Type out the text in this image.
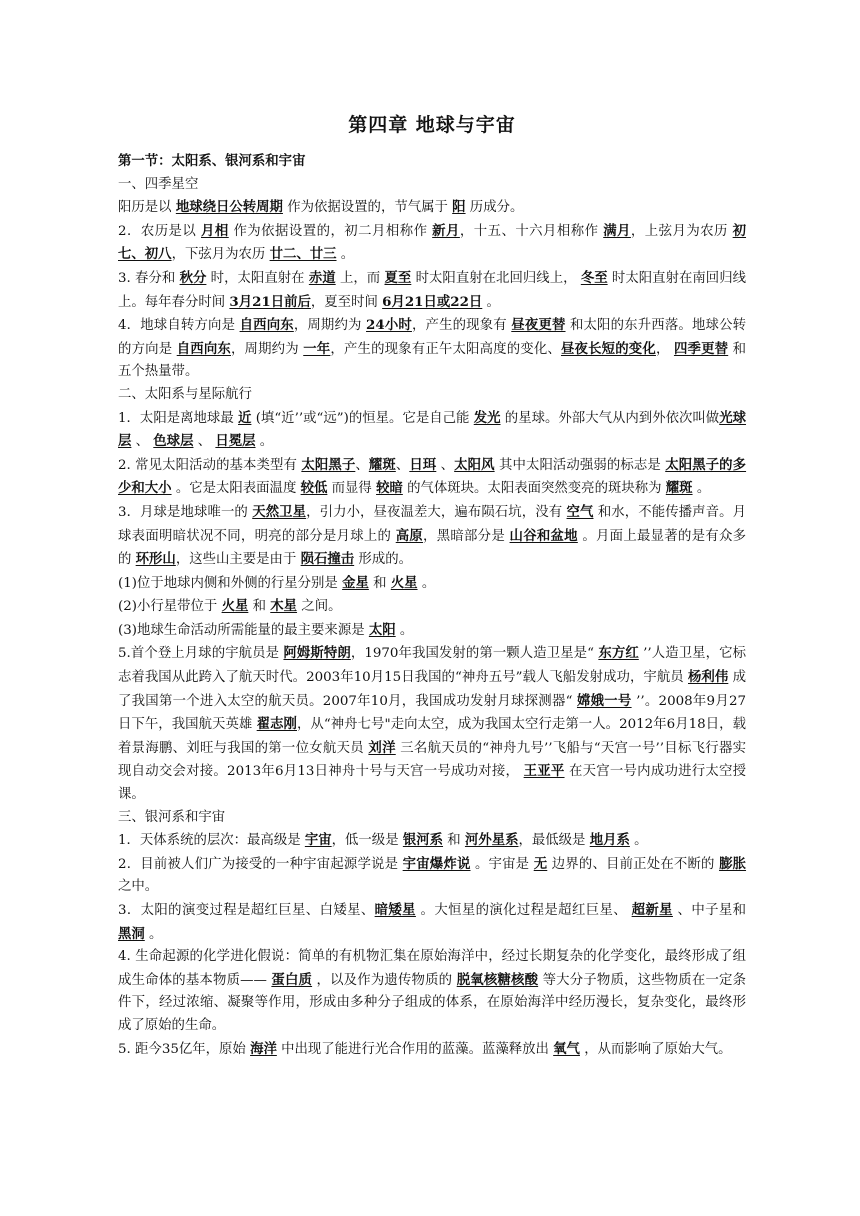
第四章 地球与宇宙

第一节：太阳系、银河系和宇宙

一、四季星空

阳历是以 地球绕日公转周期 作为依据设置的，节气属于 阳 历成分。

2．农历是以 月相 作为依据设置的，初二月相称作 新月，十五、十六月相称作 满月，上弦月为农历 初七、初八，下弦月为农历 廿二、廿三 。

3. 春分和 秋分 时，太阳直射在 赤道 上，而 夏至 时太阳直射在北回归线上， 冬至 时太阳直射在南回归线上。每年春分时间 3月21日前后，夏至时间 6月21日或22日 。

4．地球自转方向是 自西向东，周期约为 24小时，产生的现象有 昼夜更替 和太阳的东升西落。地球公转的方向是 自西向东，周期约为 一年，产生的现象有正午太阳高度的变化、昼夜长短的变化， 四季更替 和五个热量带。

二、太阳系与星际航行

1．太阳是离地球最 近 (填“近’’或“远”)的恒星。它是自己能 发光 的星球。外部大气从内到外依次叫做光球层 、 色球层 、 日冕层 。

2. 常见太阳活动的基本类型有 太阳黑子、耀斑、日珥 、太阳风 其中太阳活动强弱的标志是 太阳黑子的多少和大小 。它是太阳表面温度 较低 而显得 较暗 的气体斑块。太阳表面突然变亮的斑块称为 耀斑 。

3．月球是地球唯一的 天然卫星，引力小，昼夜温差大，遍布陨石坑，没有 空气 和水，不能传播声音。月球表面明暗状况不同，明亮的部分是月球上的 高原，黑暗部分是 山谷和盆地 。月面上最显著的是有众多的 环形山，这些山主要是由于 陨石撞击 形成的。

(1)位于地球内侧和外侧的行星分别是 金星 和 火星 。

(2)小行星带位于 火星 和 木星 之间。

(3)地球生命活动所需能量的最主要来源是 太阳 。

5.首个登上月球的宇航员是 阿姆斯特朗，1970年我国发射的第一颗人造卫星是“ 东方红 ’’人造卫星，它标志着我国从此跨入了航天时代。2003年10月15日我国的“神舟五号”载人飞船发射成功，宇航员 杨利伟 成了我国第一个进入太空的航天员。2007年10月，我国成功发射月球探测器“ 嫦娥一号 ’’。2008年9月27日下午，我国航天英雄 翟志刚，从“神舟七号"走向太空，成为我国太空行走第一人。2012年6月18日，载着景海鹏、刘旺与我国的第一位女航天员 刘洋 三名航天员的“神舟九号’’飞船与“天宫一号’’目标飞行器实现自动交会对接。2013年6月13日神舟十号与天宫一号成功对接， 王亚平 在天宫一号内成功进行太空授课。

三、银河系和宇宙

1．天体系统的层次：最高级是 宇宙，低一级是 银河系 和 河外星系，最低级是 地月系 。

2．目前被人们广为接受的一种宇宙起源学说是 宇宙爆炸说 。宇宙是 无 边界的、目前正处在不断的 膨胀 之中。

3．太阳的演变过程是超红巨星、白矮星、暗矮星 。大恒星的演化过程是超红巨星、 超新星 、中子星和 黑洞 。

4. 生命起源的化学进化假说：简单的有机物汇集在原始海洋中，经过长期复杂的化学变化，最终形成了组成生命体的基本物质—— 蛋白质 ，以及作为遗传物质的 脱氧核糖核酸 等大分子物质，这些物质在一定条件下，经过浓缩、凝聚等作用，形成由多种分子组成的体系，在原始海洋中经历漫长，复杂变化，最终形成了原始的生命。

5. 距今35亿年，原始 海洋 中出现了能进行光合作用的蓝藻。蓝藻释放出 氧气 ，从而影响了原始大气。
